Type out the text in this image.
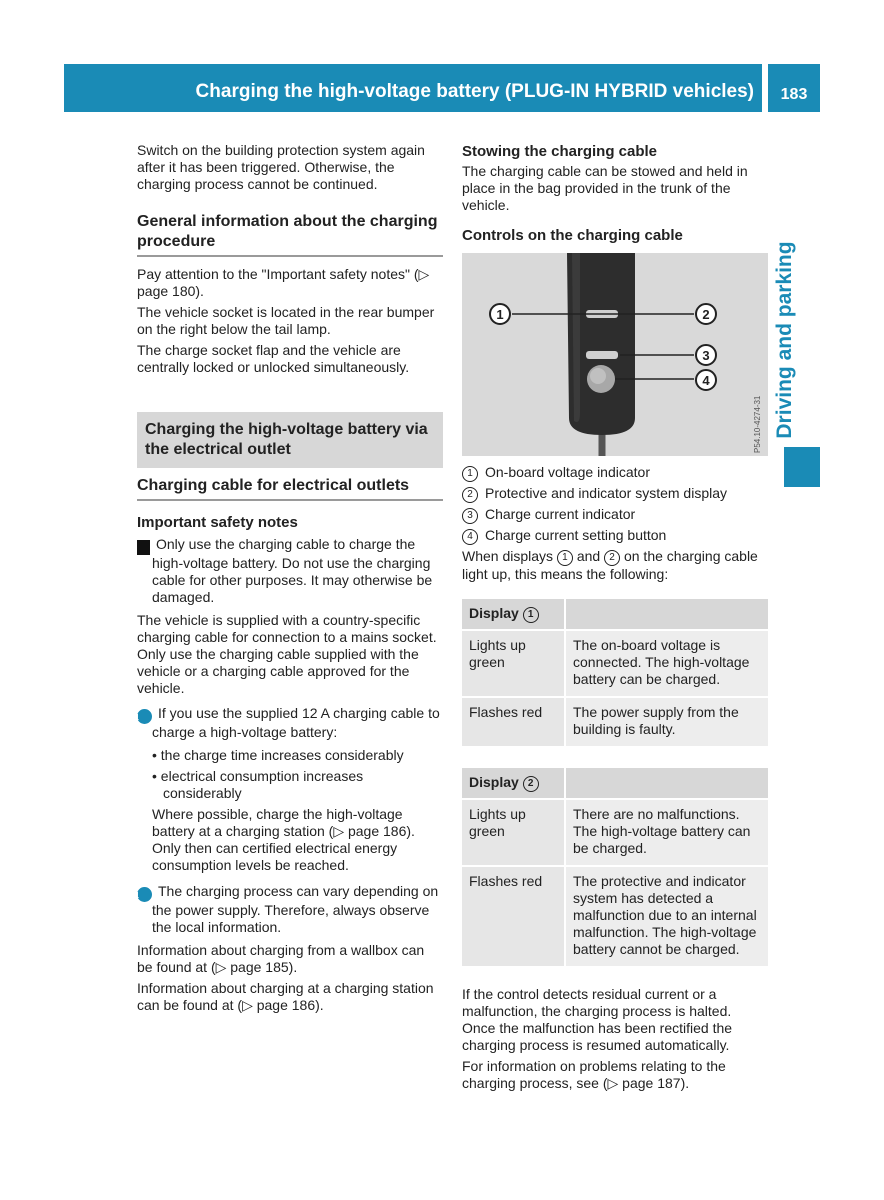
Charging the high-voltage battery (PLUG-IN HYBRID vehicles)	183
Driving and parking

Switch on the building protection system again after it has been triggered. Otherwise, the charging process cannot be continued.

General information about the charging procedure

Pay attention to the "Important safety notes" (▷ page 180).

The vehicle socket is located in the rear bumper on the right below the tail lamp.

The charge socket flap and the vehicle are centrally locked or unlocked simultaneously.

Charging the high-voltage battery via the electrical outlet
Charging cable for electrical outlets
Important safety notes

! Only use the charging cable to charge the high-voltage battery. Do not use the charging cable for other purposes. It may otherwise be damaged.

The vehicle is supplied with a country-specific charging cable for connection to a mains socket. Only use the charging cable supplied with the vehicle or a charging cable approved for the vehicle.

i If you use the supplied 12 A charging cable to charge a high-voltage battery:

• the charge time increases considerably

• electrical consumption increases considerably

Where possible, charge the high-voltage battery at a charging station (▷ page 186). Only then can certified electrical energy consumption levels be reached.

i The charging process can vary depending on the power supply. Therefore, always observe the local information.

Information about charging from a wallbox can be found at (▷ page 185).

Information about charging at a charging station can be found at (▷ page 186).

Stowing the charging cable

The charging cable can be stowed and held in place in the bag provided in the trunk of the vehicle.

Controls on the charging cable
1	2
3
4
P54.10-4274-31
1 On-board voltage indicator
2 Protective and indicator system display
3 Charge current indicator
4 Charge current setting button

When displays 1 and 2 on the charging cable light up, this means the following:

Display 1	
Lights up green	The on-board voltage is connected. The high-voltage battery can be charged.
Flashes red	The power supply from the building is faulty.
Display 2	
Lights up green	There are no malfunctions. The high-voltage battery can be charged.
Flashes red	The protective and indicator system has detected a malfunction due to an internal malfunction. The high-voltage battery cannot be charged.

If the control detects residual current or a malfunction, the charging process is halted. Once the malfunction has been rectified the charging process is resumed automatically.

For information on problems relating to the charging process, see (▷ page 187).
